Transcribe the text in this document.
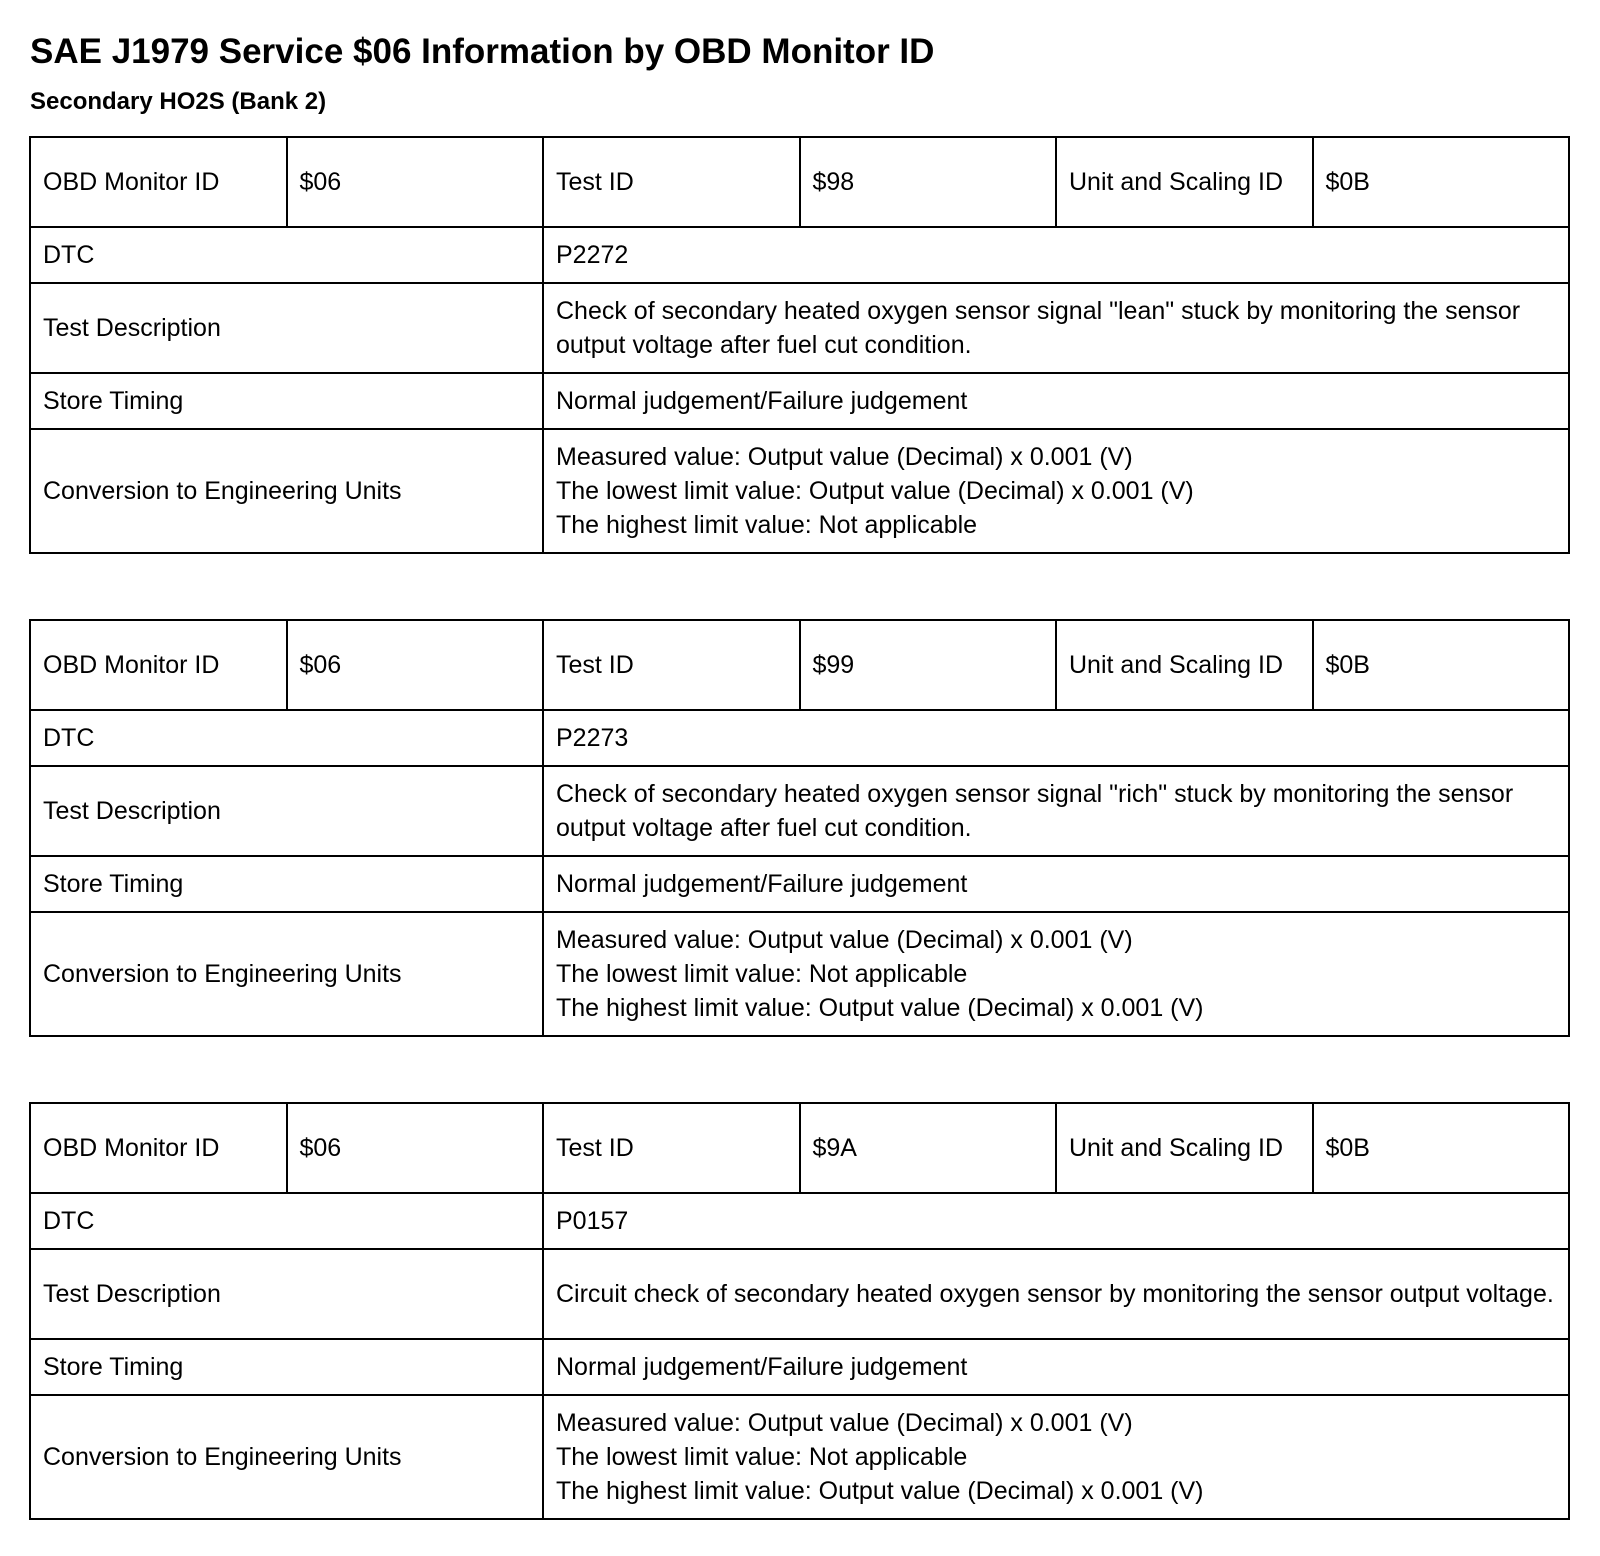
SAE J1979 Service $06 Information by OBD Monitor ID
Secondary HO2S (Bank 2)
OBD Monitor ID	$06	Test ID	$98	Unit and Scaling ID	$0B
DTC		P2272			
Test Description		Check of secondary heated oxygen sensor signal "lean" stuck by monitoring the sensor output voltage after fuel cut condition.			
Store Timing		Normal judgement/Failure judgement			
Conversion to Engineering Units		Measured value: Output value (Decimal) x 0.001 (V)
The lowest limit value: Output value (Decimal) x 0.001 (V)
The highest limit value: Not applicable			
OBD Monitor ID	$06	Test ID	$99	Unit and Scaling ID	$0B
DTC		P2273			
Test Description		Check of secondary heated oxygen sensor signal "rich" stuck by monitoring the sensor output voltage after fuel cut condition.			
Store Timing		Normal judgement/Failure judgement			
Conversion to Engineering Units		Measured value: Output value (Decimal) x 0.001 (V)
The lowest limit value: Not applicable
The highest limit value: Output value (Decimal) x 0.001 (V)			
OBD Monitor ID	$06	Test ID	$9A	Unit and Scaling ID	$0B
DTC		P0157			
Test Description		Circuit check of secondary heated oxygen sensor by monitoring the sensor output voltage.			
Store Timing		Normal judgement/Failure judgement			
Conversion to Engineering Units		Measured value: Output value (Decimal) x 0.001 (V)
The lowest limit value: Not applicable
The highest limit value: Output value (Decimal) x 0.001 (V)			
